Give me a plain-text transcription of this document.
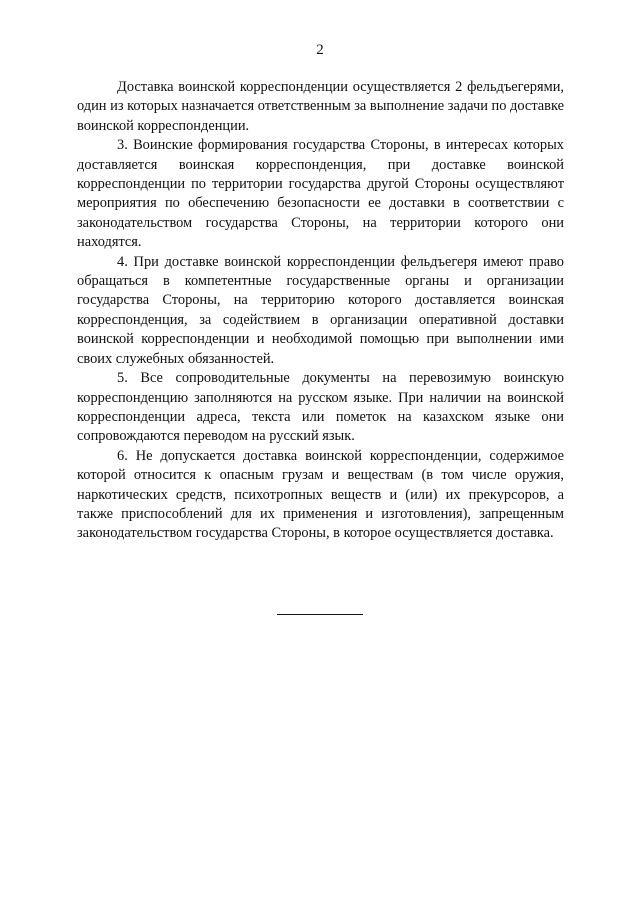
2

Доставка воинской корреспонденции осуществляется 2 фельдъегерями, один из которых назначается ответственным за выполнение задачи по доставке воинской корреспонденции.

3. Воинские формирования государства Стороны, в интересах которых доставляется воинская корреспонденция, при доставке воинской корреспонденции по территории государства другой Стороны осуществляют мероприятия по обеспечению безопасности ее доставки в соответствии с законодательством государства Стороны, на территории которого они находятся.

4. При доставке воинской корреспонденции фельдъегеря имеют право обращаться в компетентные государственные органы и организации государства Стороны, на территорию которого доставляется воинская корреспонденция, за содействием в организации оперативной доставки воинской корреспонденции и необходимой помощью при выполнении ими своих служебных обязанностей.

5. Все сопроводительные документы на перевозимую воинскую корреспонденцию заполняются на русском языке. При наличии на воинской корреспонденции адреса, текста или пометок на казахском языке они сопровождаются переводом на русский язык.

6. Не допускается доставка воинской корреспонденции, содержимое которой относится к опасным грузам и веществам (в том числе оружия, наркотических средств, психотропных веществ и (или) их прекурсоров, а также приспособлений для их применения и изготовления), запрещенным законодательством государства Стороны, в которое осуществляется доставка.
